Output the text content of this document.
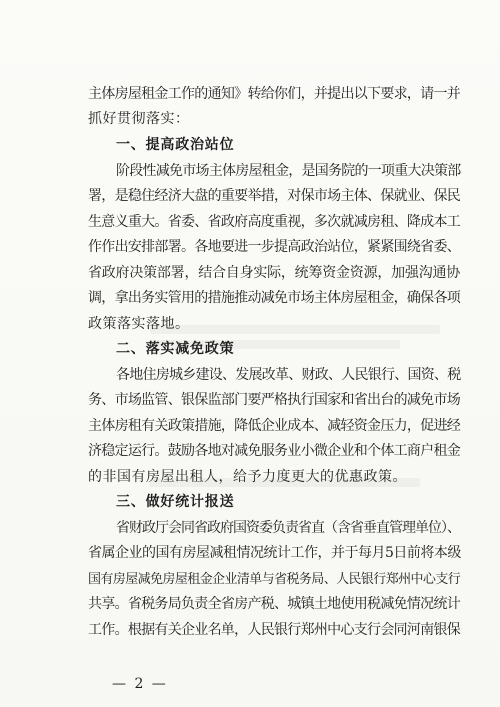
主体房屋租金工作的通知》转给你们，并提出以下要求，请一并
抓好贯彻落实：
一、提高政治站位
阶段性减免市场主体房屋租金，是国务院的一项重大决策部
署，是稳住经济大盘的重要举措，对保市场主体、保就业、保民
生意义重大。省委、省政府高度重视，多次就减房租、降成本工
作作出安排部署。各地要进一步提高政治站位，紧紧围绕省委、
省政府决策部署，结合自身实际，统筹资金资源，加强沟通协
调，拿出务实管用的措施推动减免市场主体房屋租金，确保各项
政策落实落地。
二、落实减免政策
各地住房城乡建设、发展改革、财政、人民银行、国资、税
务、市场监管、银保监部门要严格执行国家和省出台的减免市场
主体房租有关政策措施，降低企业成本、减轻资金压力，促进经
济稳定运行。鼓励各地对减免服务业小微企业和个体工商户租金
的非国有房屋出租人，给予力度更大的优惠政策。
三、做好统计报送
省财政厅会同省政府国资委负责省直（含省垂直管理单位）、
省属企业的国有房屋减租情况统计工作，并于每月5日前将本级
国有房屋减免房屋租金企业清单与省税务局、人民银行郑州中心支行
共享。省税务局负责全省房产税、城镇土地使用税减免情况统计
工作。根据有关企业名单，人民银行郑州中心支行会同河南银保
— 2 —
